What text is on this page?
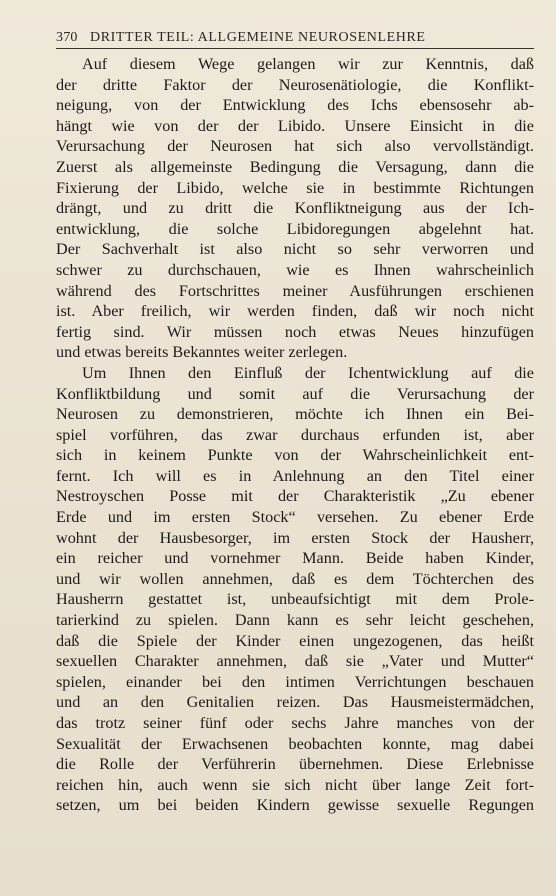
370 DRITTER TEIL: ALLGEMEINE NEUROSENLEHRE
Auf diesem Wege gelangen wir zur Kenntnis, daß
der dritte Faktor der Neurosenätiologie, die Konflikt-
neigung, von der Entwicklung des Ichs ebensosehr ab-
hängt wie von der der Libido. Unsere Einsicht in die
Verursachung der Neurosen hat sich also vervollständigt.
Zuerst als allgemeinste Bedingung die Versagung, dann die
Fixierung der Libido, welche sie in bestimmte Richtungen
drängt, und zu dritt die Konfliktneigung aus der Ich-
entwicklung, die solche Libidoregungen abgelehnt hat.
Der Sachverhalt ist also nicht so sehr verworren und
schwer zu durchschauen, wie es Ihnen wahrscheinlich
während des Fortschrittes meiner Ausführungen erschienen
ist. Aber freilich, wir werden finden, daß wir noch nicht
fertig sind. Wir müssen noch etwas Neues hinzufügen
und etwas bereits Bekanntes weiter zerlegen.
Um Ihnen den Einfluß der Ichentwicklung auf die
Konfliktbildung und somit auf die Verursachung der
Neurosen zu demonstrieren, möchte ich Ihnen ein Bei-
spiel vorführen, das zwar durchaus erfunden ist, aber
sich in keinem Punkte von der Wahrscheinlichkeit ent-
fernt. Ich will es in Anlehnung an den Titel einer
Nestroyschen Posse mit der Charakteristik „Zu ebener
Erde und im ersten Stock“ versehen. Zu ebener Erde
wohnt der Hausbesorger, im ersten Stock der Hausherr,
ein reicher und vornehmer Mann. Beide haben Kinder,
und wir wollen annehmen, daß es dem Töchterchen des
Hausherrn gestattet ist, unbeaufsichtigt mit dem Prole-
tarierkind zu spielen. Dann kann es sehr leicht geschehen,
daß die Spiele der Kinder einen ungezogenen, das heißt
sexuellen Charakter annehmen, daß sie „Vater und Mutter“
spielen, einander bei den intimen Verrichtungen beschauen
und an den Genitalien reizen. Das Hausmeistermädchen,
das trotz seiner fünf oder sechs Jahre manches von der
Sexualität der Erwachsenen beobachten konnte, mag dabei
die Rolle der Verführerin übernehmen. Diese Erlebnisse
reichen hin, auch wenn sie sich nicht über lange Zeit fort-
setzen, um bei beiden Kindern gewisse sexuelle Regungen
